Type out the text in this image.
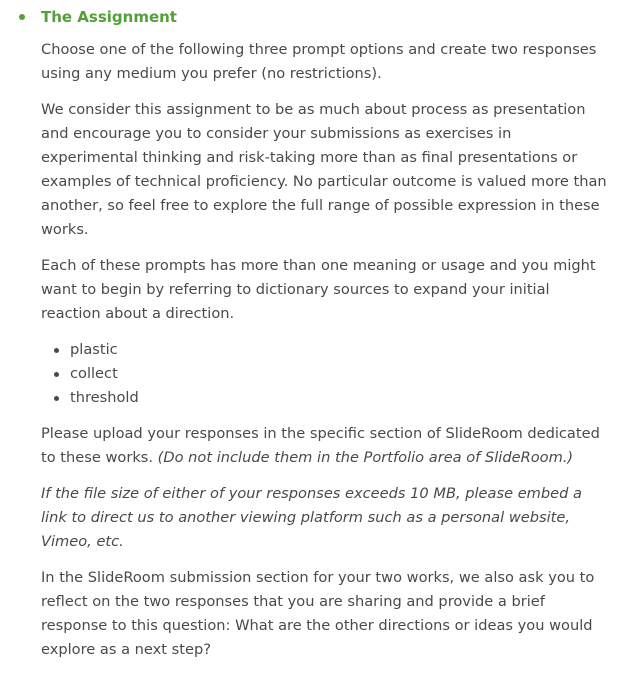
The Assignment

Choose one of the following three prompt options and create two responses using any medium you prefer (no restrictions).

We consider this assignment to be as much about process as presentation and encourage you to consider your submissions as exercises in experimental thinking and risk-taking more than as final presentations or examples of technical proficiency. No particular outcome is valued more than another, so feel free to explore the full range of possible expression in these works.

Each of these prompts has more than one meaning or usage and you might want to begin by referring to dictionary sources to expand your initial reaction about a direction.

plastic
collect
threshold

Please upload your responses in the specific section of SlideRoom dedicated to these works. (Do not include them in the Portfolio area of SlideRoom.)

If the file size of either of your responses exceeds 10 MB, please embed a link to direct us to another viewing platform such as a personal website, Vimeo, etc.

In the SlideRoom submission section for your two works, we also ask you to reflect on the two responses that you are sharing and provide a brief response to this question: What are the other directions or ideas you would explore as a next step?
